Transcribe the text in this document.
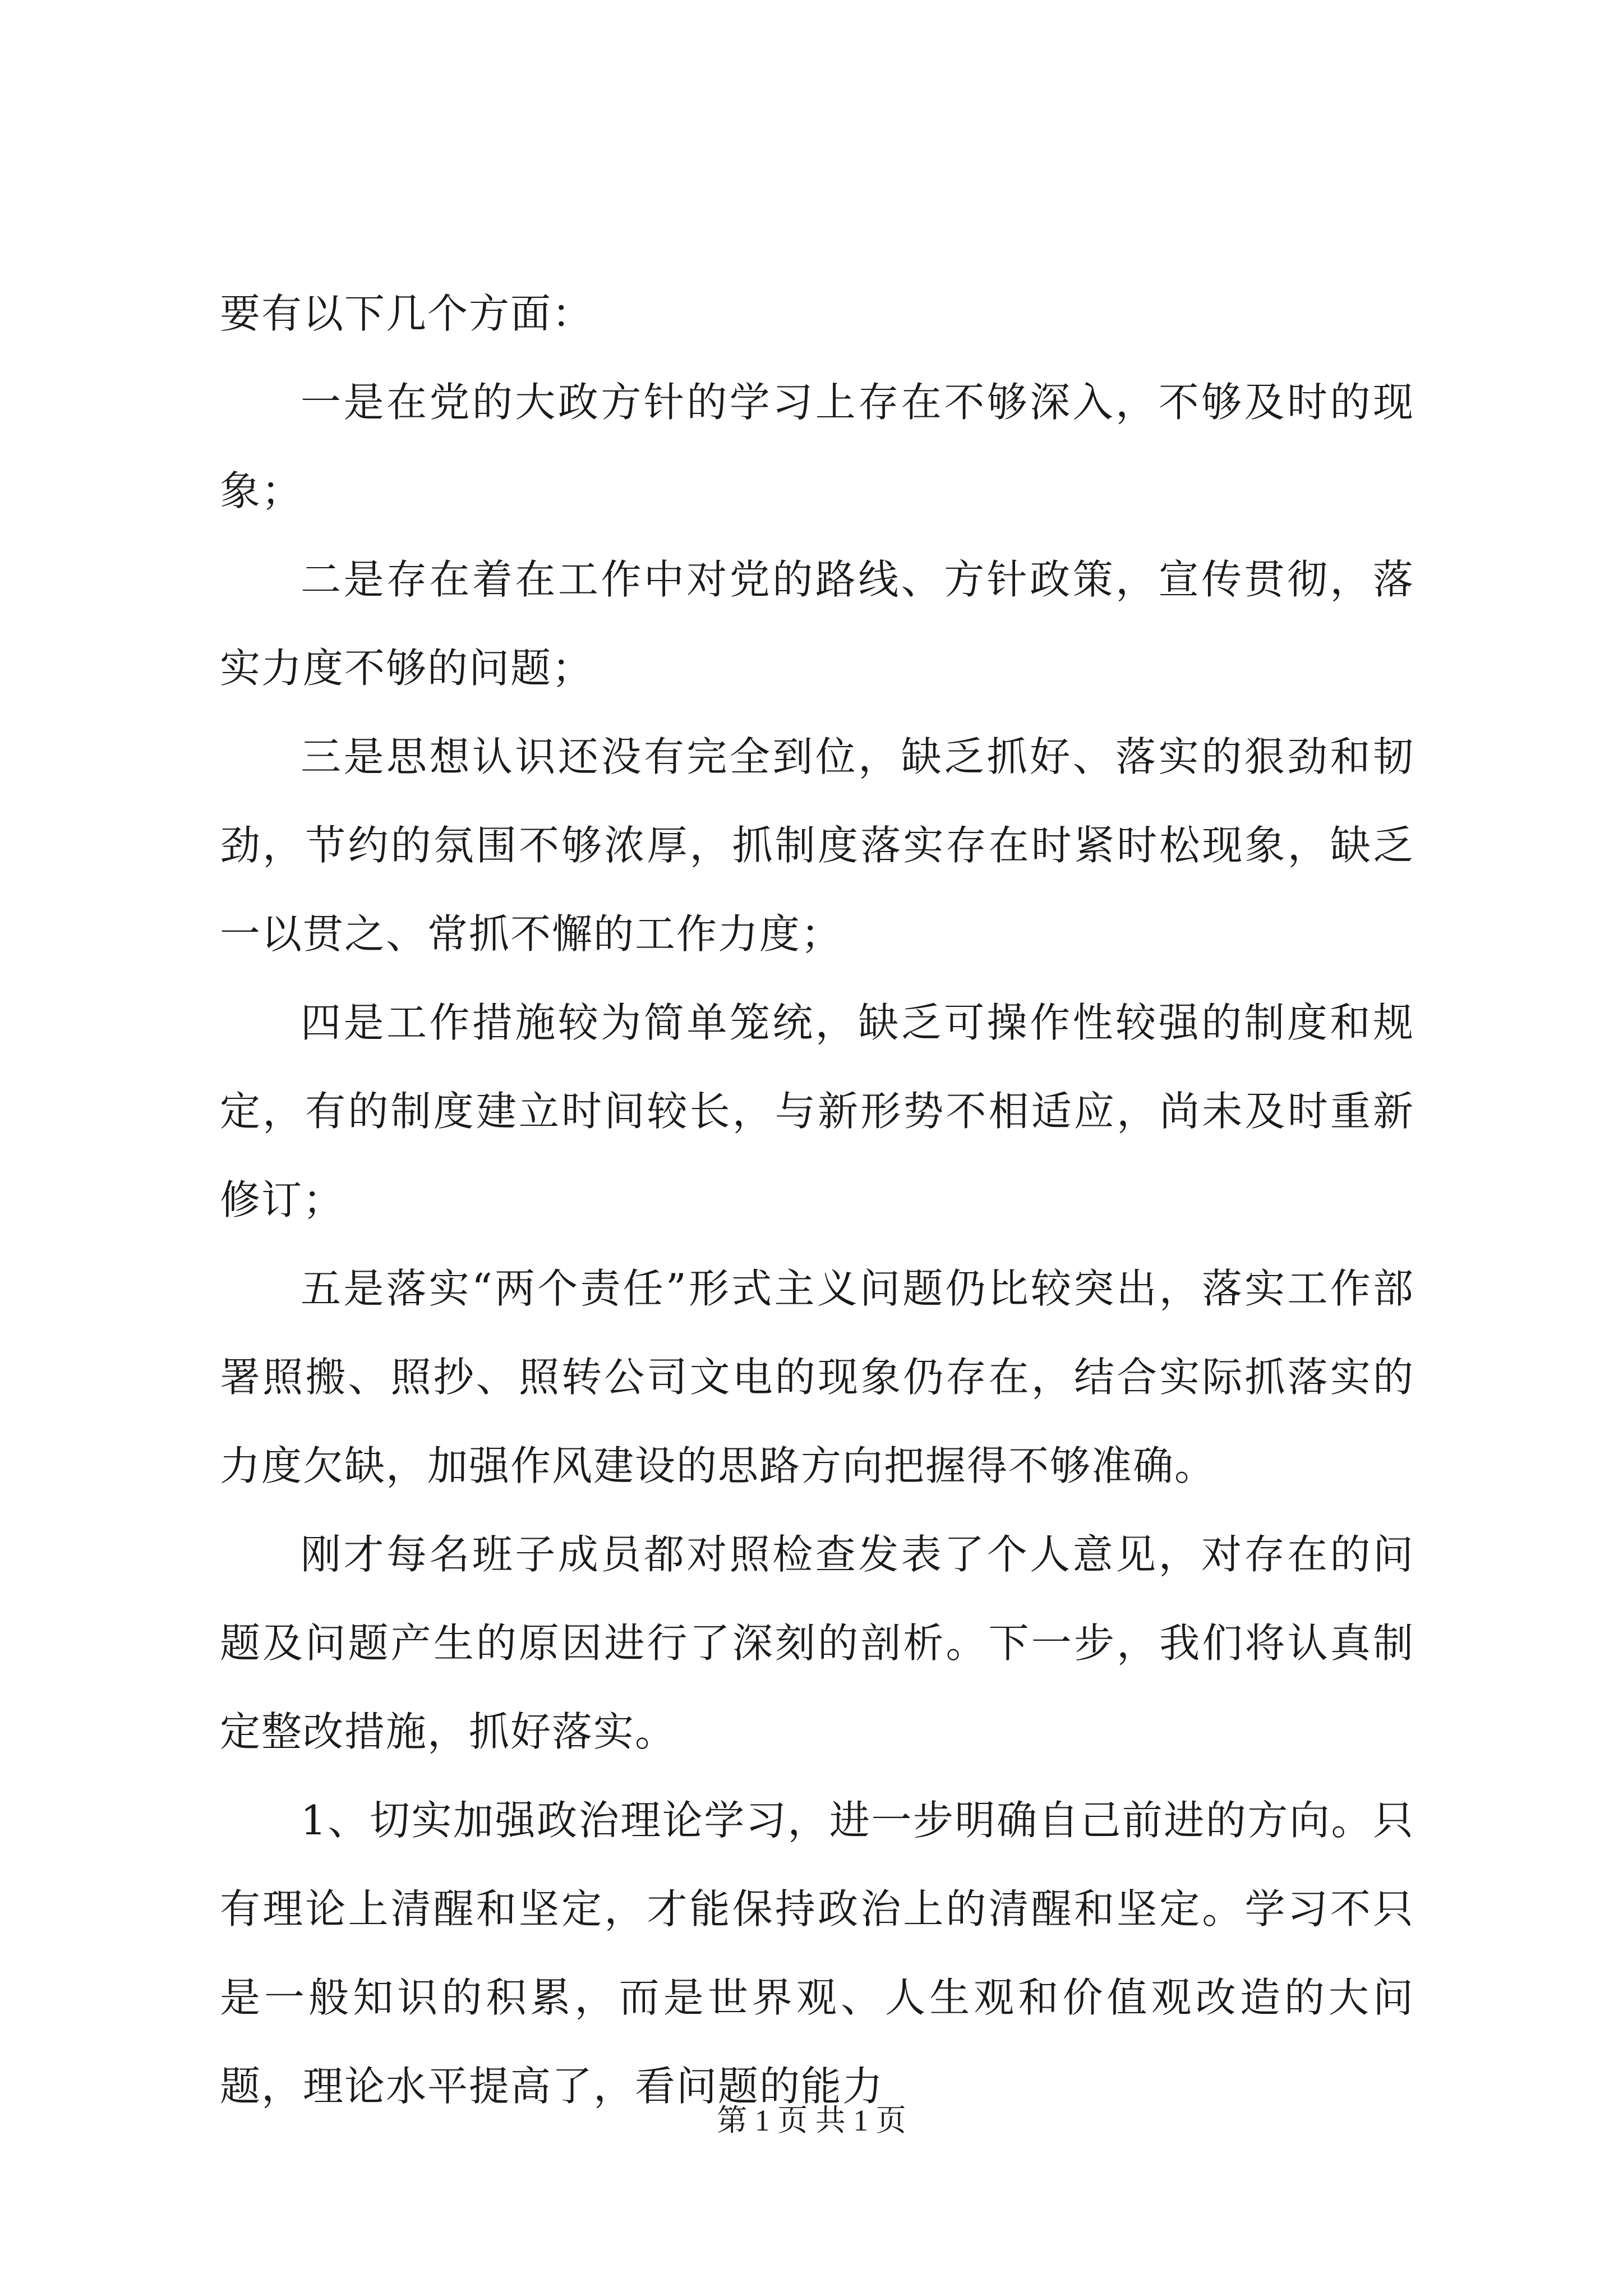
要有以下几个方面：

一是在党的大政方针的学习上存在不够深入，不够及时的现象；

二是存在着在工作中对党的路线、方针政策，宣传贯彻，落实力度不够的问题；

三是思想认识还没有完全到位，缺乏抓好、落实的狠劲和韧劲，节约的氛围不够浓厚，抓制度落实存在时紧时松现象，缺乏一以贯之、常抓不懈的工作力度；

四是工作措施较为简单笼统，缺乏可操作性较强的制度和规定，有的制度建立时间较长，与新形势不相适应，尚未及时重新修订；

五是落实“两个责任”形式主义问题仍比较突出，落实工作部署照搬、照抄、照转公司文电的现象仍存在，结合实际抓落实的力度欠缺，加强作风建设的思路方向把握得不够准确。

刚才每名班子成员都对照检查发表了个人意见，对存在的问题及问题产生的原因进行了深刻的剖析。下一步，我们将认真制定整改措施，抓好落实。

1、切实加强政治理论学习，进一步明确自己前进的方向。只有理论上清醒和坚定，才能保持政治上的清醒和坚定。学习不只是一般知识的积累，而是世界观、人生观和价值观改造的大问题，理论水平提高了，看问题的能力

第 1 页 共 1 页
